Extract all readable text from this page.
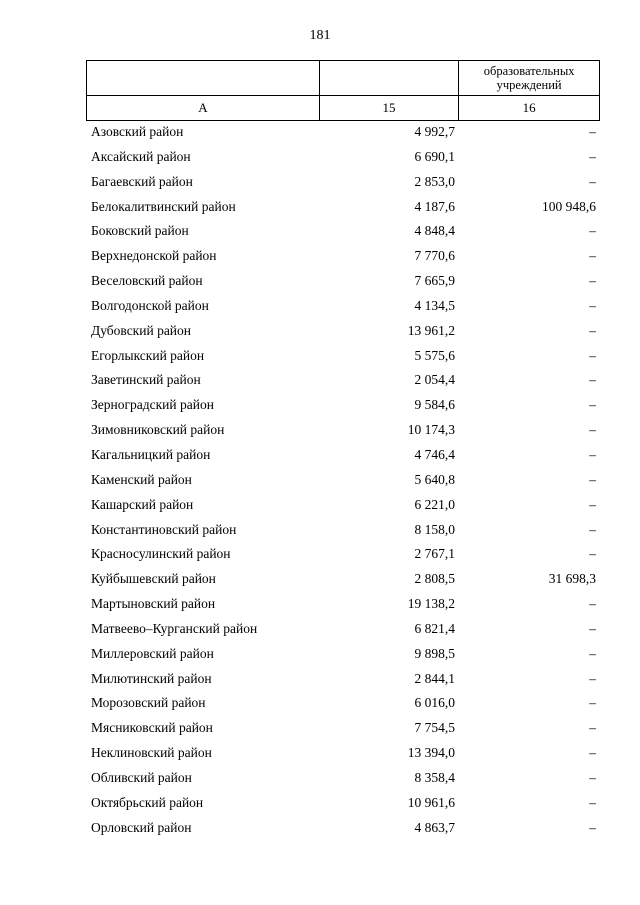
181

		образовательных
учреждений

А	15	16
Азовский район	4 992,7	–
Аксайский район	6 690,1	–
Багаевский район	2 853,0	–
Белокалитвинский район	4 187,6	100 948,6
Боковский район	4 848,4	–
Верхнедонской район	7 770,6	–
Веселовский район	7 665,9	–
Волгодонской район	4 134,5	–
Дубовский район	13 961,2	–
Егорлыкский район	5 575,6	–
Заветинский район	2 054,4	–
Зерноградский район	9 584,6	–
Зимовниковский район	10 174,3	–
Кагальницкий район	4 746,4	–
Каменский район	5 640,8	–
Кашарский район	6 221,0	–
Константиновский район	8 158,0	–
Красносулинский район	2 767,1	–
Куйбышевский район	2 808,5	31 698,3
Мартыновский район	19 138,2	–
Матвеево–Курганский район	6 821,4	–
Миллеровский район	9 898,5	–
Милютинский район	2 844,1	–
Морозовский район	6 016,0	–
Мясниковский район	7 754,5	–
Неклиновский район	13 394,0	–
Обливский район	8 358,4	–
Октябрьский район	10 961,6	–
Орловский район	4 863,7	–
